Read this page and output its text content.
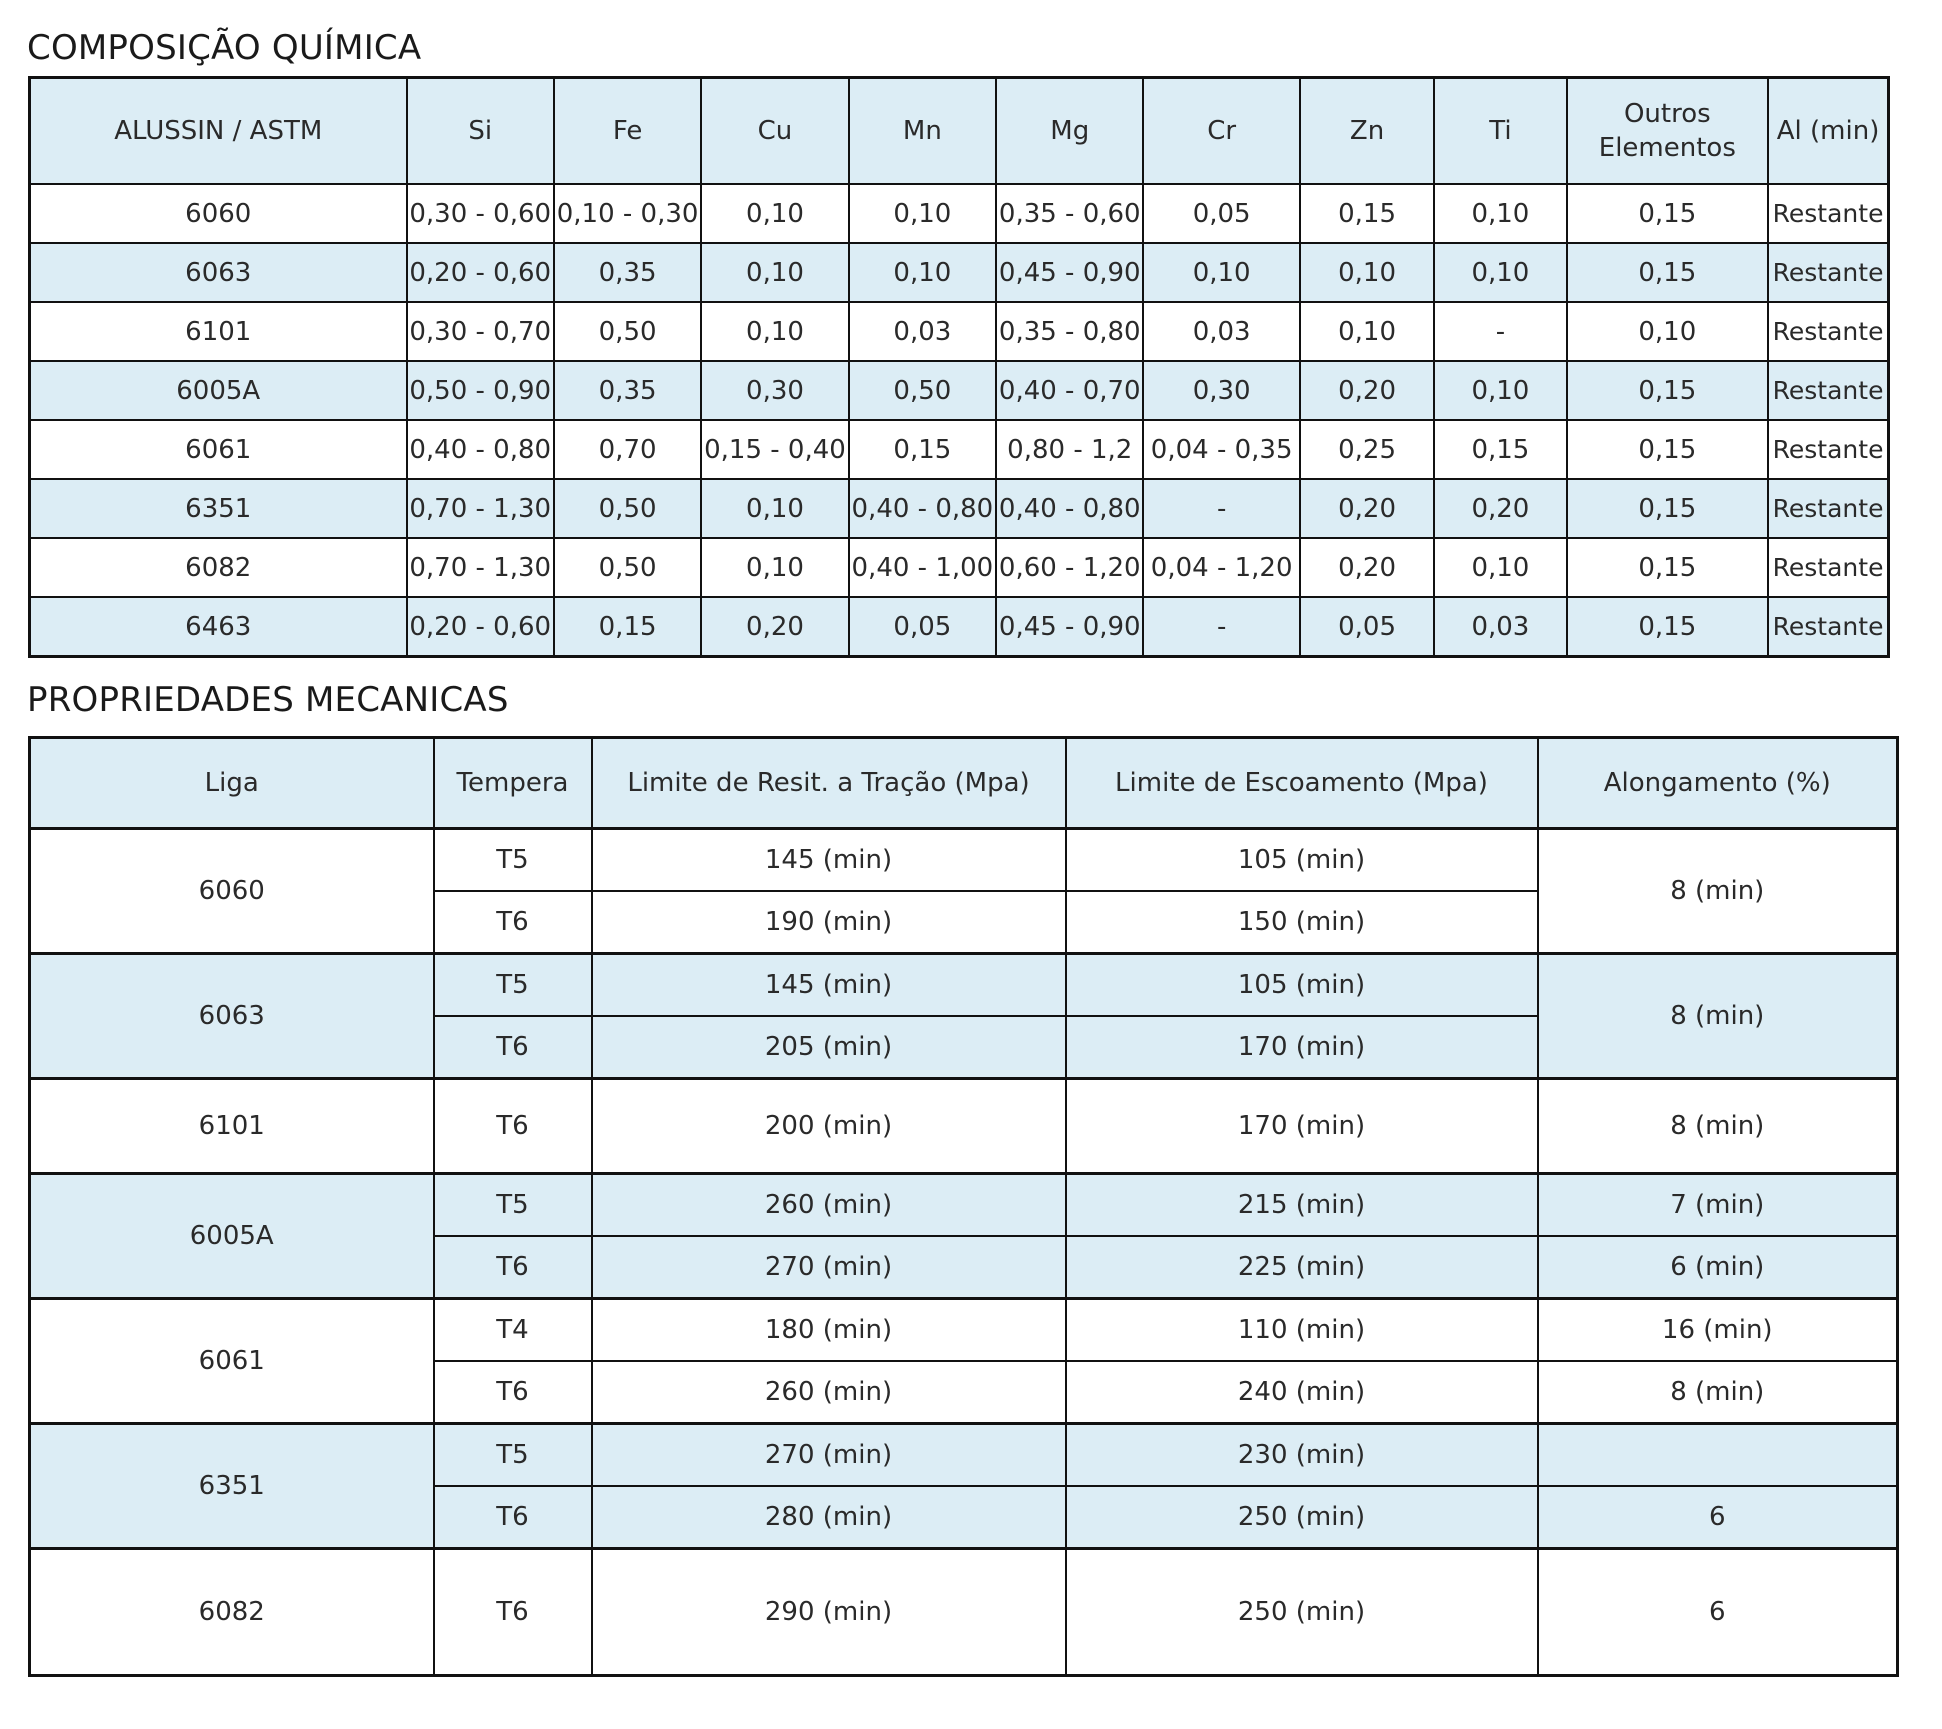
COMPOSIÇÃO QUÍMICA
ALUSSIN / ASTM	Si	Fe	Cu	Mn	Mg	Cr	Zn	Ti	Outros Elementos	Al (min)
6060	0,30 - 0,60	0,10 - 0,30	0,10	0,10	0,35 - 0,60	0,05	0,15	0,10	0,15	Restante
6063	0,20 - 0,60	0,35	0,10	0,10	0,45 - 0,90	0,10	0,10	0,10	0,15	Restante
6101	0,30 - 0,70	0,50	0,10	0,03	0,35 - 0,80	0,03	0,10	-	0,10	Restante
6005A	0,50 - 0,90	0,35	0,30	0,50	0,40 - 0,70	0,30	0,20	0,10	0,15	Restante
6061	0,40 - 0,80	0,70	0,15 - 0,40	0,15	0,80 - 1,2	0,04 - 0,35	0,25	0,15	0,15	Restante
6351	0,70 - 1,30	0,50	0,10	0,40 - 0,80	0,40 - 0,80	-	0,20	0,20	0,15	Restante
6082	0,70 - 1,30	0,50	0,10	0,40 - 1,00	0,60 - 1,20	0,04 - 1,20	0,20	0,10	0,15	Restante
6463	0,20 - 0,60	0,15	0,20	0,05	0,45 - 0,90	-	0,05	0,03	0,15	Restante
PROPRIEDADES MECANICAS
Liga	Tempera	Limite de Resit. a Tração (Mpa)	Limite de Escoamento (Mpa)	Alongamento (%)
6060	T5	145 (min)	105 (min)	8 (min)
	T6	190 (min)	150 (min)	
6063	T5	145 (min)	105 (min)	8 (min)
	T6	205 (min)	170 (min)	
6101	T6	200 (min)	170 (min)	8 (min)
6005A	T5	260 (min)	215 (min)	7 (min)
	T6	270 (min)	225 (min)	6 (min)
6061	T4	180 (min)	110 (min)	16 (min)
	T6	260 (min)	240 (min)	8 (min)
6351	T5	270 (min)	230 (min)	
	T6	280 (min)	250 (min)	6
6082	T6	290 (min)	250 (min)	6
